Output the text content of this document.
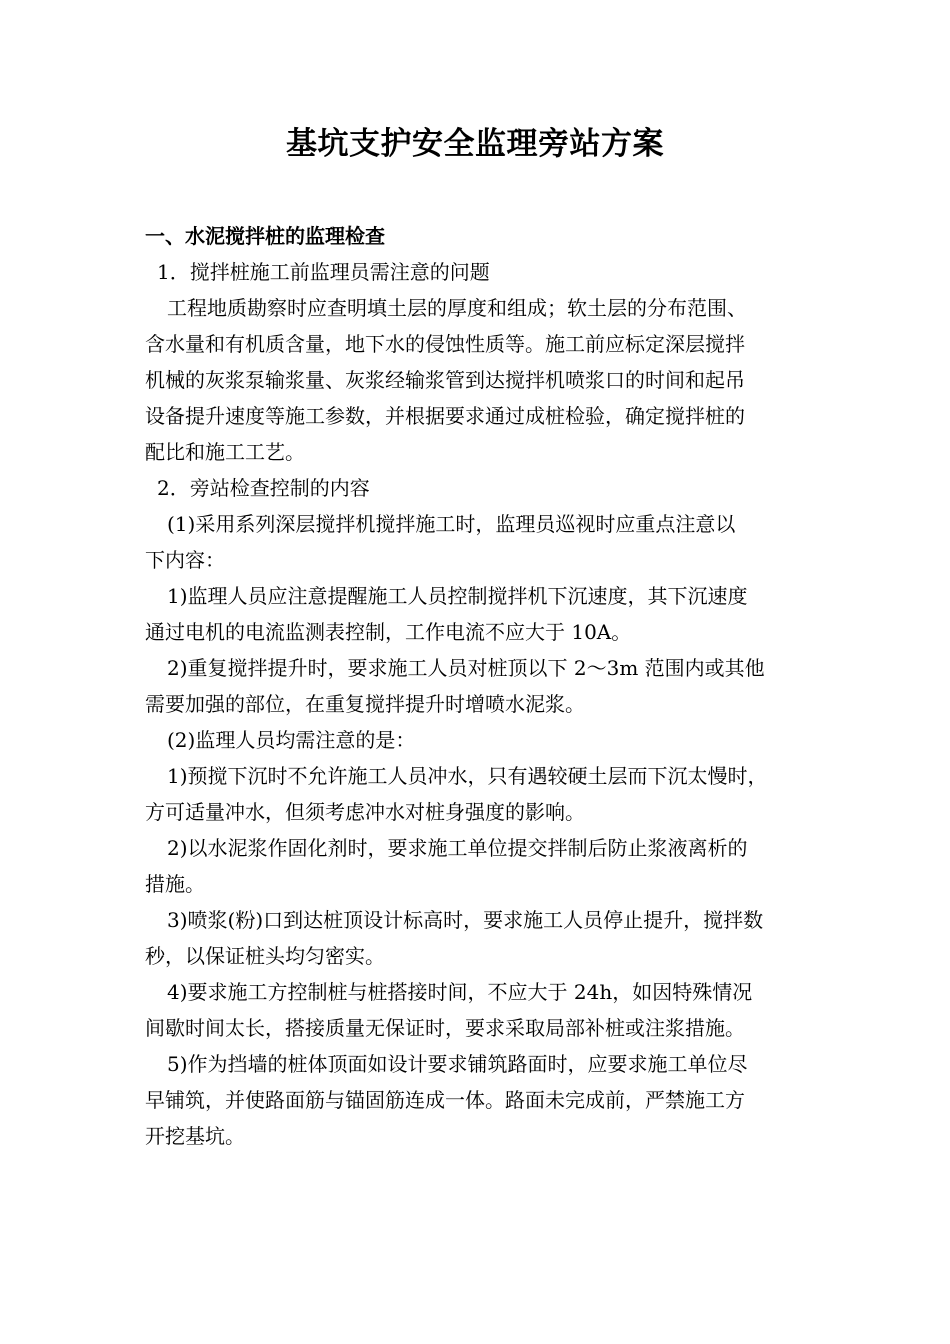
基坑支护安全监理旁站方案

一、水泥搅拌桩的监理检查

1．搅拌桩施工前监理员需注意的问题

工程地质勘察时应查明填土层的厚度和组成；软土层的分布范围、

含水量和有机质含量，地下水的侵蚀性质等。施工前应标定深层搅拌

机械的灰浆泵输浆量、灰浆经输浆管到达搅拌机喷浆口的时间和起吊

设备提升速度等施工参数，并根据要求通过成桩检验，确定搅拌桩的

配比和施工工艺。

2．旁站检查控制的内容

(1)采用系列深层搅拌机搅拌施工时，监理员巡视时应重点注意以

下内容：

1)监理人员应注意提醒施工人员控制搅拌机下沉速度，其下沉速度

通过电机的电流监测表控制，工作电流不应大于 10A。

2)重复搅拌提升时，要求施工人员对桩顶以下 2～3m 范围内或其他

需要加强的部位，在重复搅拌提升时增喷水泥浆。

(2)监理人员均需注意的是：

1)预搅下沉时不允许施工人员冲水，只有遇较硬土层而下沉太慢时，

方可适量冲水，但须考虑冲水对桩身强度的影响。

2)以水泥浆作固化剂时，要求施工单位提交拌制后防止浆液离析的

措施。

3)喷浆(粉)口到达桩顶设计标高时，要求施工人员停止提升，搅拌数

秒，以保证桩头均匀密实。

4)要求施工方控制桩与桩搭接时间，不应大于 24h，如因特殊情况

间歇时间太长，搭接质量无保证时，要求采取局部补桩或注浆措施。

5)作为挡墙的桩体顶面如设计要求铺筑路面时，应要求施工单位尽

早铺筑，并使路面筋与锚固筋连成一体。路面未完成前，严禁施工方

开挖基坑。
